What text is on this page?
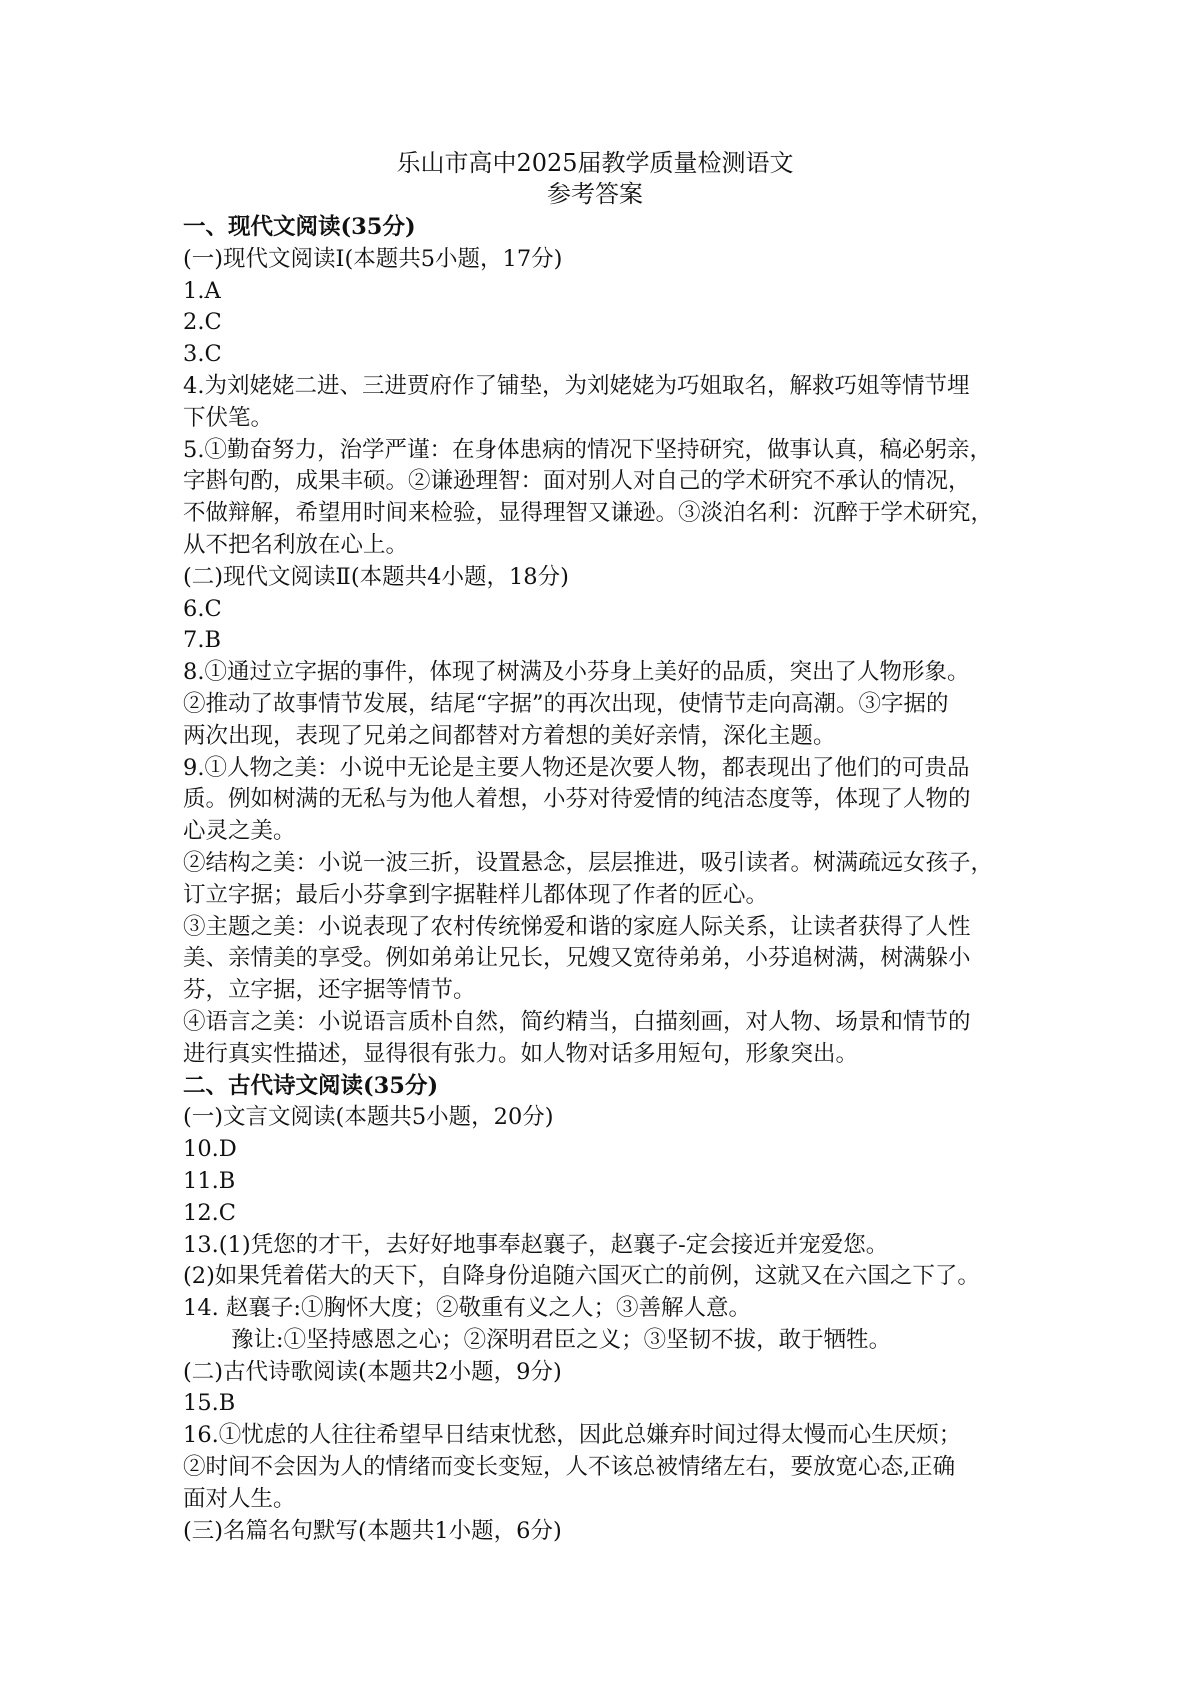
乐山市高中2025届教学质量检测语文
参考答案
一、现代文阅读(35分)
(一)现代文阅读Ⅰ(本题共5小题，17分)
1.A
2.C
3.C
4.为刘姥姥二进、三进贾府作了铺垫，为刘姥姥为巧姐取名，解救巧姐等情节埋
下伏笔。
5.①勤奋努力，治学严谨：在身体患病的情况下坚持研究，做事认真，稿必躬亲，
字斟句酌，成果丰硕。②谦逊理智：面对别人对自己的学术研究不承认的情况，
不做辩解，希望用时间来检验，显得理智又谦逊。③淡泊名利：沉醉于学术研究，
从不把名利放在心上。
(二)现代文阅读Ⅱ(本题共4小题，18分)
6.C
7.B
8.①通过立字据的事件，体现了树满及小芬身上美好的品质，突出了人物形象。
②推动了故事情节发展，结尾“字据”的再次出现，使情节走向高潮。③字据的
两次出现，表现了兄弟之间都替对方着想的美好亲情，深化主题。
9.①人物之美：小说中无论是主要人物还是次要人物，都表现出了他们的可贵品
质。例如树满的无私与为他人着想，小芬对待爱情的纯洁态度等，体现了人物的
心灵之美。
②结构之美：小说一波三折，设置悬念，层层推进，吸引读者。树满疏远女孩子，
订立字据；最后小芬拿到字据鞋样儿都体现了作者的匠心。
③主题之美：小说表现了农村传统悌爱和谐的家庭人际关系，让读者获得了人性
美、亲情美的享受。例如弟弟让兄长，兄嫂又宽待弟弟，小芬追树满，树满躲小
芬，立字据，还字据等情节。
④语言之美：小说语言质朴自然，简约精当，白描刻画，对人物、场景和情节的
进行真实性描述，显得很有张力。如人物对话多用短句，形象突出。
二、古代诗文阅读(35分)
(一)文言文阅读(本题共5小题，20分)
10.D
11.B
12.C
13.(1)凭您的才干，去好好地事奉赵襄子，赵襄子-定会接近并宠爱您。
(2)如果凭着偌大的天下，自降身份追随六国灭亡的前例，这就又在六国之下了。
14. 赵襄子:①胸怀大度；②敬重有义之人；③善解人意。
豫让:①坚持感恩之心；②深明君臣之义；③坚韧不拔，敢于牺牲。
(二)古代诗歌阅读(本题共2小题，9分)
15.B
16.①忧虑的人往往希望早日结束忧愁，因此总嫌弃时间过得太慢而心生厌烦；
②时间不会因为人的情绪而变长变短，人不该总被情绪左右，要放宽心态,正确
面对人生。
(三)名篇名句默写(本题共1小题，6分)
